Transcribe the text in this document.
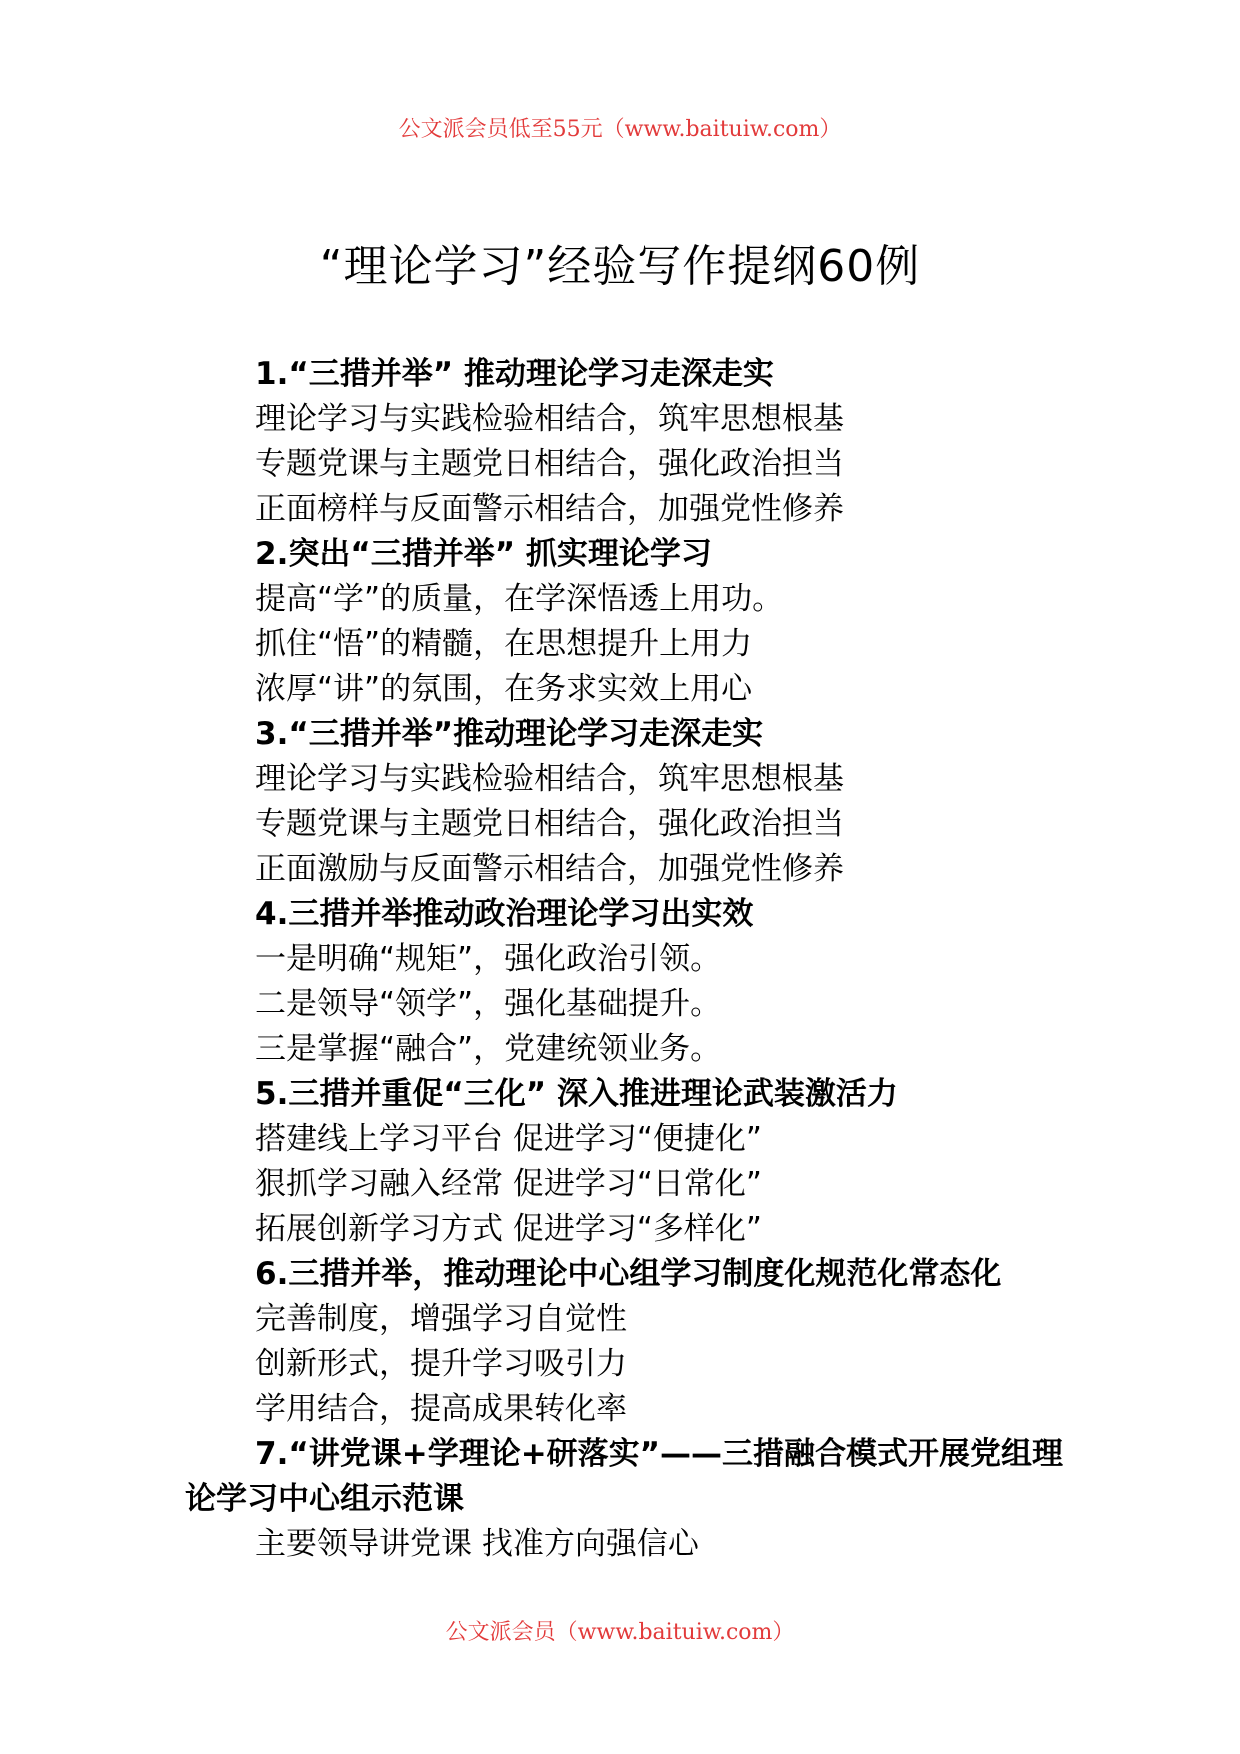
公文派会员低至55元（www.baituiw.com）
“理论学习”经验写作提纲60例
1.“三措并举” 推动理论学习走深走实
理论学习与实践检验相结合，筑牢思想根基
专题党课与主题党日相结合，强化政治担当
正面榜样与反面警示相结合，加强党性修养
2.突出“三措并举” 抓实理论学习
提高“学”的质量，在学深悟透上用功。
抓住“悟”的精髓，在思想提升上用力
浓厚“讲”的氛围，在务求实效上用心
3.“三措并举”推动理论学习走深走实
理论学习与实践检验相结合，筑牢思想根基
专题党课与主题党日相结合，强化政治担当
正面激励与反面警示相结合，加强党性修养
4.三措并举推动政治理论学习出实效
一是明确“规矩”，强化政治引领。
二是领导“领学”，强化基础提升。
三是掌握“融合”，党建统领业务。
5.三措并重促“三化” 深入推进理论武装激活力
搭建线上学习平台 促进学习“便捷化”
狠抓学习融入经常 促进学习“日常化”
拓展创新学习方式 促进学习“多样化”
6.三措并举，推动理论中心组学习制度化规范化常态化
完善制度，增强学习自觉性
创新形式，提升学习吸引力
学用结合，提高成果转化率
7.“讲党课+学理论+研落实”——三措融合模式开展党组理论学习中心组示范课
主要领导讲党课 找准方向强信心
公文派会员（www.baituiw.com）
